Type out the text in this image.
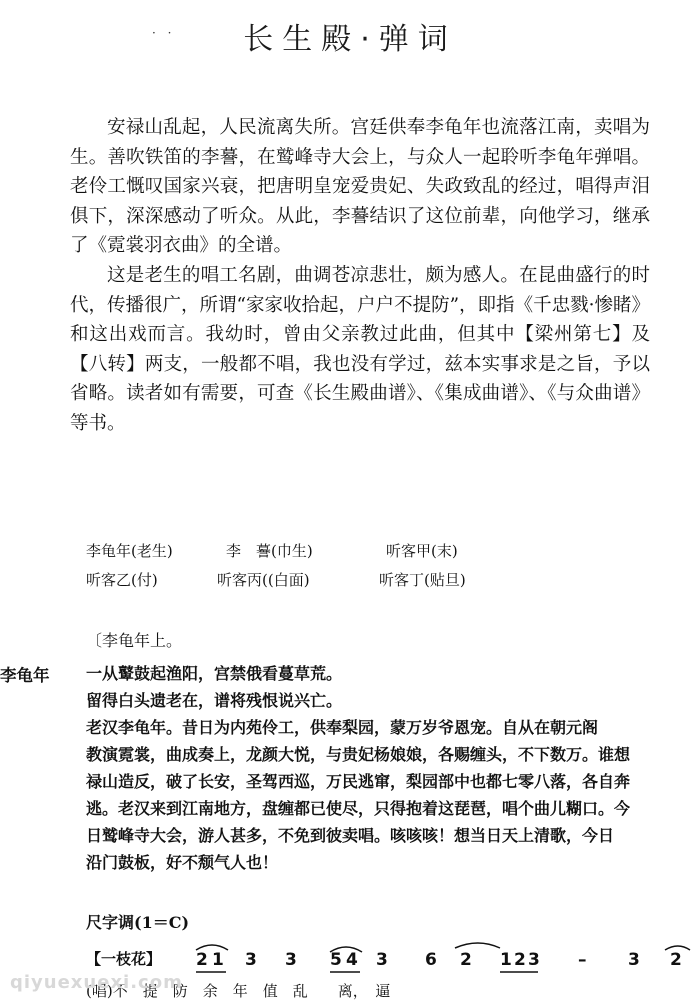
长生殿·弹词
· ·

安禄山乱起，人民流离失所。宫廷供奉李龟年也流落江南，卖唱为生。善吹铁笛的李謩，在鹫峰寺大会上，与众人一起聆听李龟年弹唱。老伶工慨叹国家兴衰，把唐明皇宠爱贵妃、失政致乱的经过，唱得声泪俱下，深深感动了听众。从此，李謩结识了这位前辈，向他学习，继承了《霓裳羽衣曲》的全谱。

这是老生的唱工名剧，曲调苍凉悲壮，颇为感人。在昆曲盛行的时代，传播很广，所谓“家家收拾起，户户不提防”，即指《千忠戮·惨睹》和这出戏而言。我幼时，曾由父亲教过此曲，但其中【梁州第七】及【八转】两支，一般都不唱，我也没有学过，兹本实事求是之旨，予以省略。读者如有需要，可查《长生殿曲谱》、《集成曲谱》、《与众曲谱》等书。

李龟年(老生)	李　謩(巾生)	听客甲(末)
听客乙(付)	听客丙((白面)	听客丁(贴旦)
〔李龟年上。
李龟年 一从鼙鼓起渔阳，宫禁俄看蔓草荒。
留得白头遗老在，谱将残恨说兴亡。
老汉李龟年。昔日为内苑伶工，供奉梨园，蒙万岁爷恩宠。自从在朝元阁
教演霓裳，曲成奏上，龙颜大悦，与贵妃杨娘娘，各赐缠头，不下数万。谁想
禄山造反，破了长安，圣驾西巡，万民逃窜，梨园部中也都七零八落，各自奔
逃。老汉来到江南地方，盘缠都已使尽，只得抱着这琵琶，唱个曲儿糊口。今
日鹫峰寺大会，游人甚多，不免到彼卖唱。咳咳咳！想当日天上清歌，今日
沿门鼓板，好不颓气人也！
尺字调(1＝C)
【一枝花】 2 1 3 3 5 4 3 6 2 1 2 3 – 3 2
(唱)不　提　防　余　年　值　乱　　离，　逼
qiyuexuexi.com
